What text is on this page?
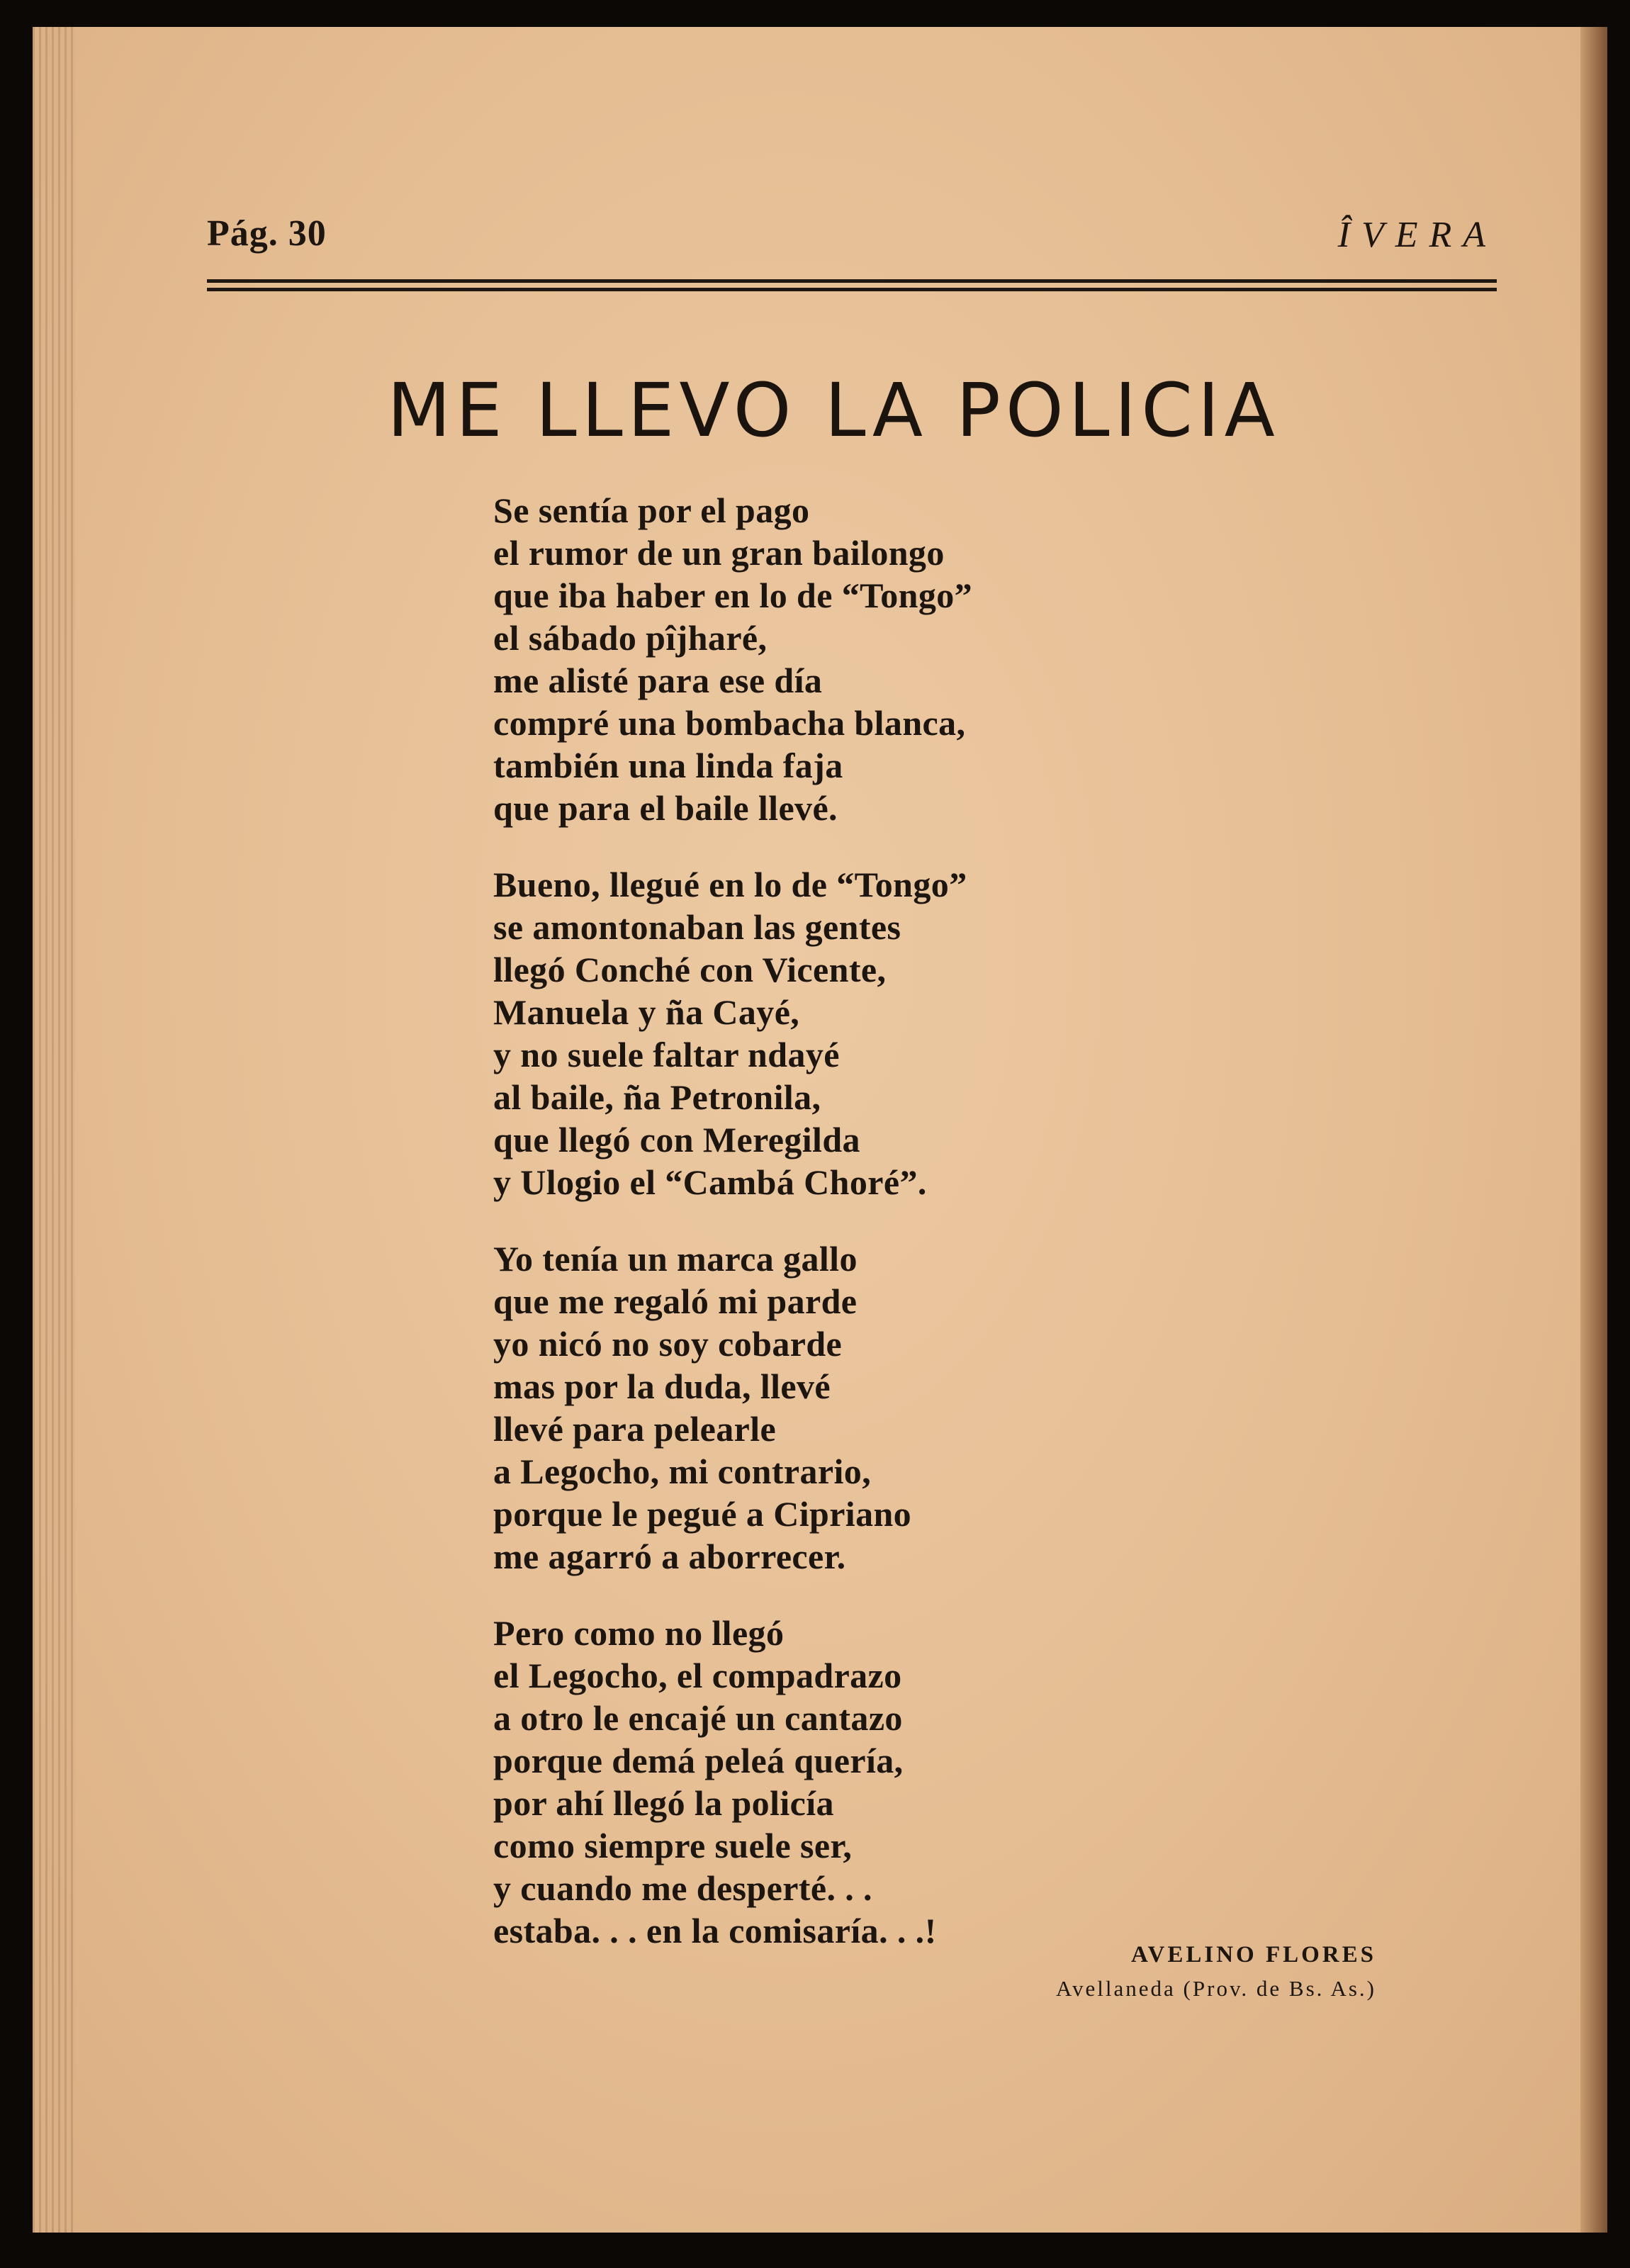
Pág. 30	ÎVERA
ME LLEVO LA POLICIA
Se sentía por el pago
el rumor de un gran bailongo
que iba haber en lo de “Tongo”
el sábado pîjharé,
me alisté para ese día
compré una bombacha blanca,
también una linda faja
que para el baile llevé.
Bueno, llegué en lo de “Tongo”
se amontonaban las gentes
llegó Conché con Vicente,
Manuela y ña Cayé,
y no suele faltar ndayé
al baile, ña Petronila,
que llegó con Meregilda
y Ulogio el “Cambá Choré”.
Yo tenía un marca gallo
que me regaló mi parde
yo nicó no soy cobarde
mas por la duda, llevé
llevé para pelearle
a Legocho, mi contrario,
porque le pegué a Cipriano
me agarró a aborrecer.
Pero como no llegó
el Legocho, el compadrazo
a otro le encajé un cantazo
porque demá peleá quería,
por ahí llegó la policía
como siempre suele ser,
y cuando me desperté. . .
estaba. . . en la comisaría. . .!
AVELINO FLORES
Avellaneda (Prov. de Bs. As.)
